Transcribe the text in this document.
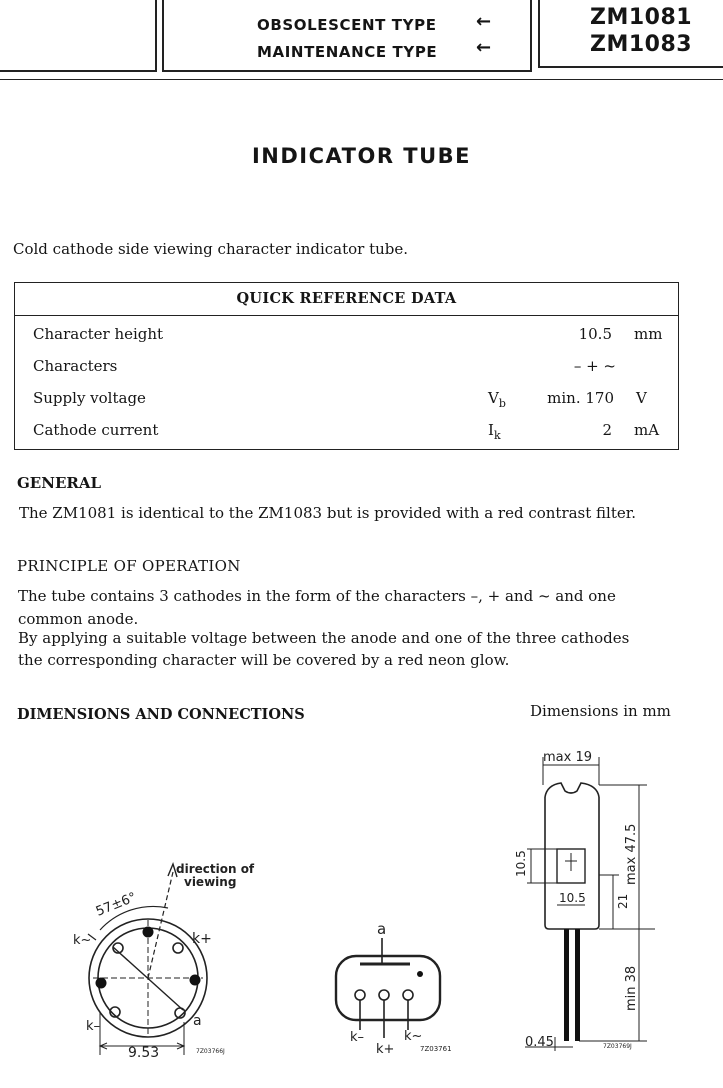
OBSOLESCENT TYPE
MAINTENANCE TYPE
←
←
ZM1081
ZM1083
INDICATOR TUBE
Cold cathode side viewing character indicator tube.
QUICK REFERENCE DATA
Character height	10.5 mm
Characters	– + ~
Supply voltage	$V_b$	min. 170 V
Cathode current	$I_k$	2 mA
GENERAL
The ZM1081 is identical to the ZM1083 but is provided with a red contrast filter.
PRINCIPLE OF OPERATION
The tube contains 3 cathodes in the form of the characters –, + and ~ and one
common anode.
By applying a suitable voltage between the anode and one of the three cathodes
the corresponding character will be covered by a red neon glow.
DIMENSIONS AND CONNECTIONS	Dimensions in mm
direction of
viewing
57±6°
k~	k+
k–	a
9.53	7Z03766J
a
k–
k+
k~
7Z03761
max 19
max 47.5
10.5
10.5	21
min 38
0.45	7Z03769J
